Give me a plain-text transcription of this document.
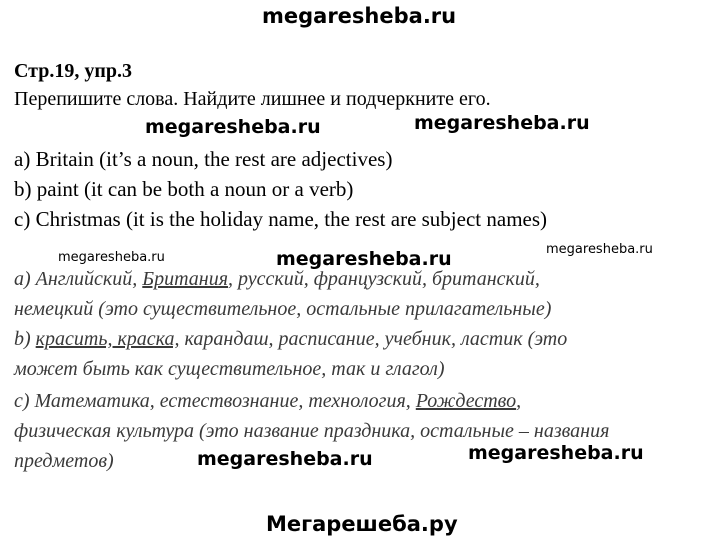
megaresheba.ru
Стр.19, упр.3
Перепишите слова. Найдите лишнее и подчеркните его.
megaresheba.ru	megaresheba.ru
a) Britain (it’s a noun, the rest are adjectives)
b) paint (it can be both a noun or a verb)
c) Christmas (it is the holiday name, the rest are subject names)
megaresheba.ru	megaresheba.ru	megaresheba.ru
а) Английский, Британия, русский, французский, британский,
немецкий (это существительное, остальные прилагательные)
b) красить, краска, карандаш, расписание, учебник, ластик (это
может быть как существительное, так и глагол)
с) Математика, естествознание, технология, Рождество,
физическая культура (это название праздника, остальные – названия
предметов)	megaresheba.ru	megaresheba.ru
Мегарешеба.ру
